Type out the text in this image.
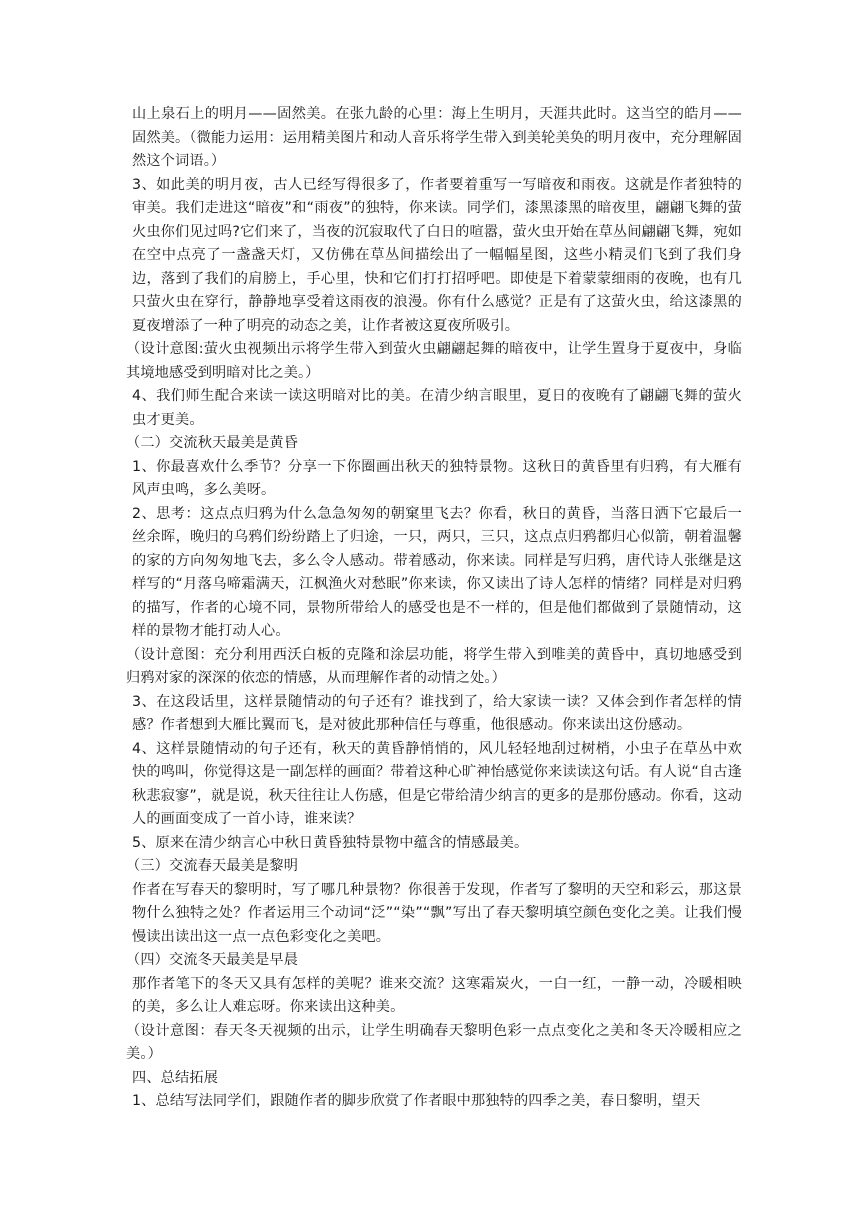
山上泉石上的明月——固然美。在张九龄的心里：海上生明月，天涯共此时。这当空的皓月——固然美。（微能力运用：运用精美图片和动人音乐将学生带入到美轮美奂的明月夜中，充分理解固然这个词语。）

3、如此美的明月夜，古人已经写得很多了，作者要着重写一写暗夜和雨夜。这就是作者独特的审美。我们走进这“暗夜”和“雨夜”的独特，你来读。同学们，漆黑漆黑的暗夜里，翩翩飞舞的萤火虫你们见过吗?它们来了，当夜的沉寂取代了白日的喧嚣，萤火虫开始在草丛间翩翩飞舞，宛如在空中点亮了一盏盏天灯，又仿佛在草丛间描绘出了一幅幅星图，这些小精灵们飞到了我们身边，落到了我们的肩膀上，手心里，快和它们打打招呼吧。即使是下着蒙蒙细雨的夜晚，也有几只萤火虫在穿行，静静地享受着这雨夜的浪漫。你有什么感觉？正是有了这萤火虫，给这漆黑的夏夜增添了一种了明亮的动态之美，让作者被这夏夜所吸引。

（设计意图:萤火虫视频出示将学生带入到萤火虫翩翩起舞的暗夜中，让学生置身于夏夜中，身临其境地感受到明暗对比之美。）

4、我们师生配合来读一读这明暗对比的美。在清少纳言眼里，夏日的夜晚有了翩翩飞舞的萤火虫才更美。

（二）交流秋天最美是黄昏

1、你最喜欢什么季节？分享一下你圈画出秋天的独特景物。这秋日的黄昏里有归鸦，有大雁有风声虫鸣，多么美呀。

2、思考：这点点归鸦为什么急急匆匆的朝窠里飞去？你看，秋日的黄昏，当落日洒下它最后一丝余晖，晚归的乌鸦们纷纷踏上了归途，一只，两只，三只，这点点归鸦都归心似箭，朝着温馨的家的方向匆匆地飞去，多么令人感动。带着感动，你来读。同样是写归鸦，唐代诗人张继是这样写的“月落乌啼霜满天，江枫渔火对愁眠”你来读，你又读出了诗人怎样的情绪？同样是对归鸦的描写，作者的心境不同，景物所带给人的感受也是不一样的，但是他们都做到了景随情动，这样的景物才能打动人心。

（设计意图：充分利用西沃白板的克隆和涂层功能，将学生带入到唯美的黄昏中，真切地感受到归鸦对家的深深的依恋的情感，从而理解作者的动情之处。）

3、在这段话里，这样景随情动的句子还有？谁找到了，给大家读一读？又体会到作者怎样的情感？作者想到大雁比翼而飞，是对彼此那种信任与尊重，他很感动。你来读出这份感动。

4、这样景随情动的句子还有，秋天的黄昏静悄悄的，风儿轻轻地刮过树梢，小虫子在草丛中欢快的鸣叫，你觉得这是一副怎样的画面？带着这种心旷神怡感觉你来读读这句话。有人说“自古逢秋悲寂寥”，就是说，秋天往往让人伤感，但是它带给清少纳言的更多的是那份感动。你看，这动人的画面变成了一首小诗，谁来读？

5、原来在清少纳言心中秋日黄昏独特景物中蕴含的情感最美。

（三）交流春天最美是黎明

作者在写春天的黎明时，写了哪几种景物？你很善于发现，作者写了黎明的天空和彩云，那这景物什么独特之处？作者运用三个动词“泛”“染”“飘”写出了春天黎明填空颜色变化之美。让我们慢慢读出读出这一点一点色彩变化之美吧。

（四）交流冬天最美是早晨

那作者笔下的冬天又具有怎样的美呢？谁来交流？这寒霜炭火，一白一红，一静一动，冷暖相映的美，多么让人难忘呀。你来读出这种美。

（设计意图：春天冬天视频的出示，让学生明确春天黎明色彩一点点变化之美和冬天冷暖相应之美。）

四、总结拓展

1、总结写法同学们，跟随作者的脚步欣赏了作者眼中那独特的四季之美，春日黎明，望天
